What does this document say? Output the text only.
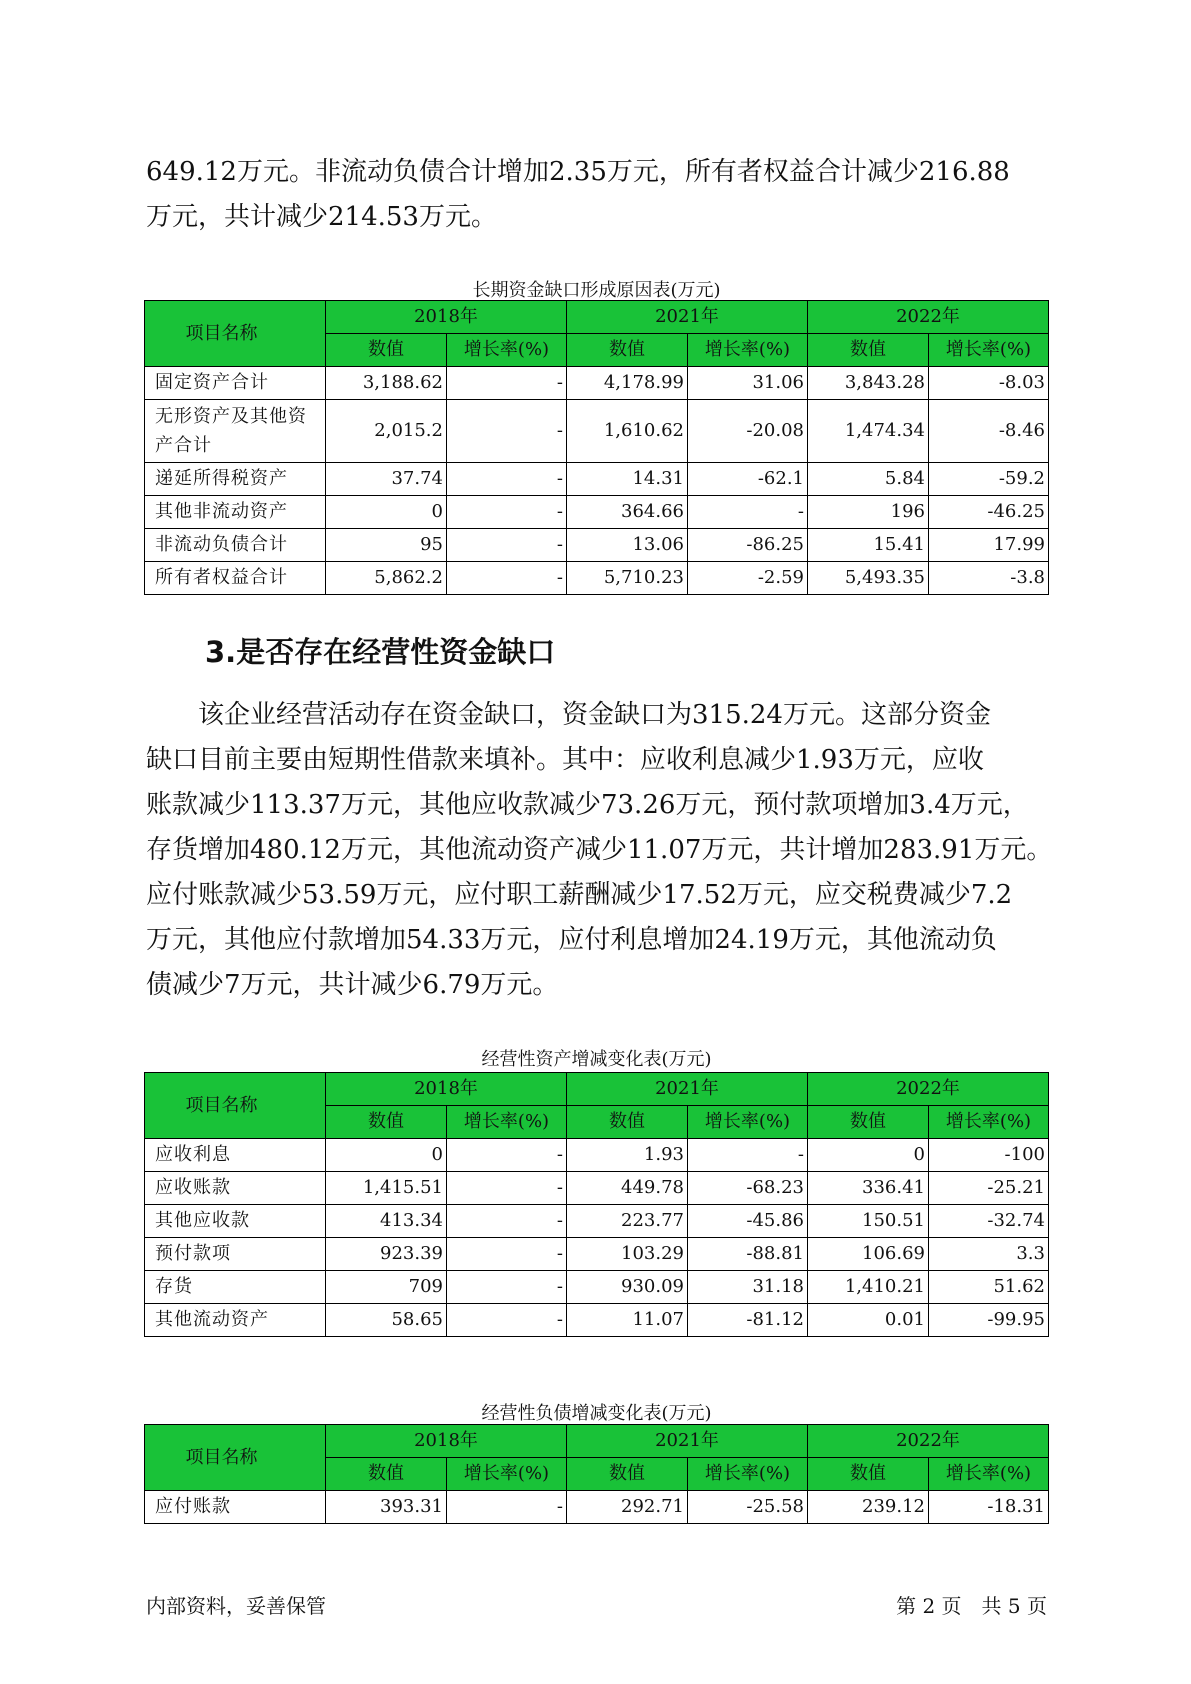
649.12万元。非流动负债合计增加2.35万元，所有者权益合计减少216.88
万元，共计减少214.53万元。

长期资金缺口形成原因表(万元)

项目名称	2018年		2021年		2022年	
	数值	增长率(%)	数值	增长率(%)	数值	增长率(%)
固定资产合计	3,188.62	-	4,178.99	31.06	3,843.28	-8.03
无形资产及其他资
产合计	2,015.2	-	1,610.62	-20.08	1,474.34	-8.46
递延所得税资产	37.74	-	14.31	-62.1	5.84	-59.2
其他非流动资产	0	-	364.66	-	196	-46.25
非流动负债合计	95	-	13.06	-86.25	15.41	17.99
所有者权益合计	5,862.2	-	5,710.23	-2.59	5,493.35	-3.8
3.是否存在经营性资金缺口

　　该企业经营活动存在资金缺口，资金缺口为315.24万元。这部分资金
缺口目前主要由短期性借款来填补。其中：应收利息减少1.93万元，应收
账款减少113.37万元，其他应收款减少73.26万元，预付款项增加3.4万元，
存货增加480.12万元，其他流动资产减少11.07万元，共计增加283.91万元。
应付账款减少53.59万元，应付职工薪酬减少17.52万元，应交税费减少7.2
万元，其他应付款增加54.33万元，应付利息增加24.19万元，其他流动负
债减少7万元，共计减少6.79万元。

经营性资产增减变化表(万元)

项目名称	2018年		2021年		2022年	
	数值	增长率(%)	数值	增长率(%)	数值	增长率(%)
应收利息	0	-	1.93	-	0	-100
应收账款	1,415.51	-	449.78	-68.23	336.41	-25.21
其他应收款	413.34	-	223.77	-45.86	150.51	-32.74
预付款项	923.39	-	103.29	-88.81	106.69	3.3
存货	709	-	930.09	31.18	1,410.21	51.62
其他流动资产	58.65	-	11.07	-81.12	0.01	-99.95

经营性负债增减变化表(万元)

项目名称	2018年		2021年		2022年	
	数值	增长率(%)	数值	增长率(%)	数值	增长率(%)
应付账款	393.31	-	292.71	-25.58	239.12	-18.31

内部资料，妥善保管	第 2 页　共 5 页
